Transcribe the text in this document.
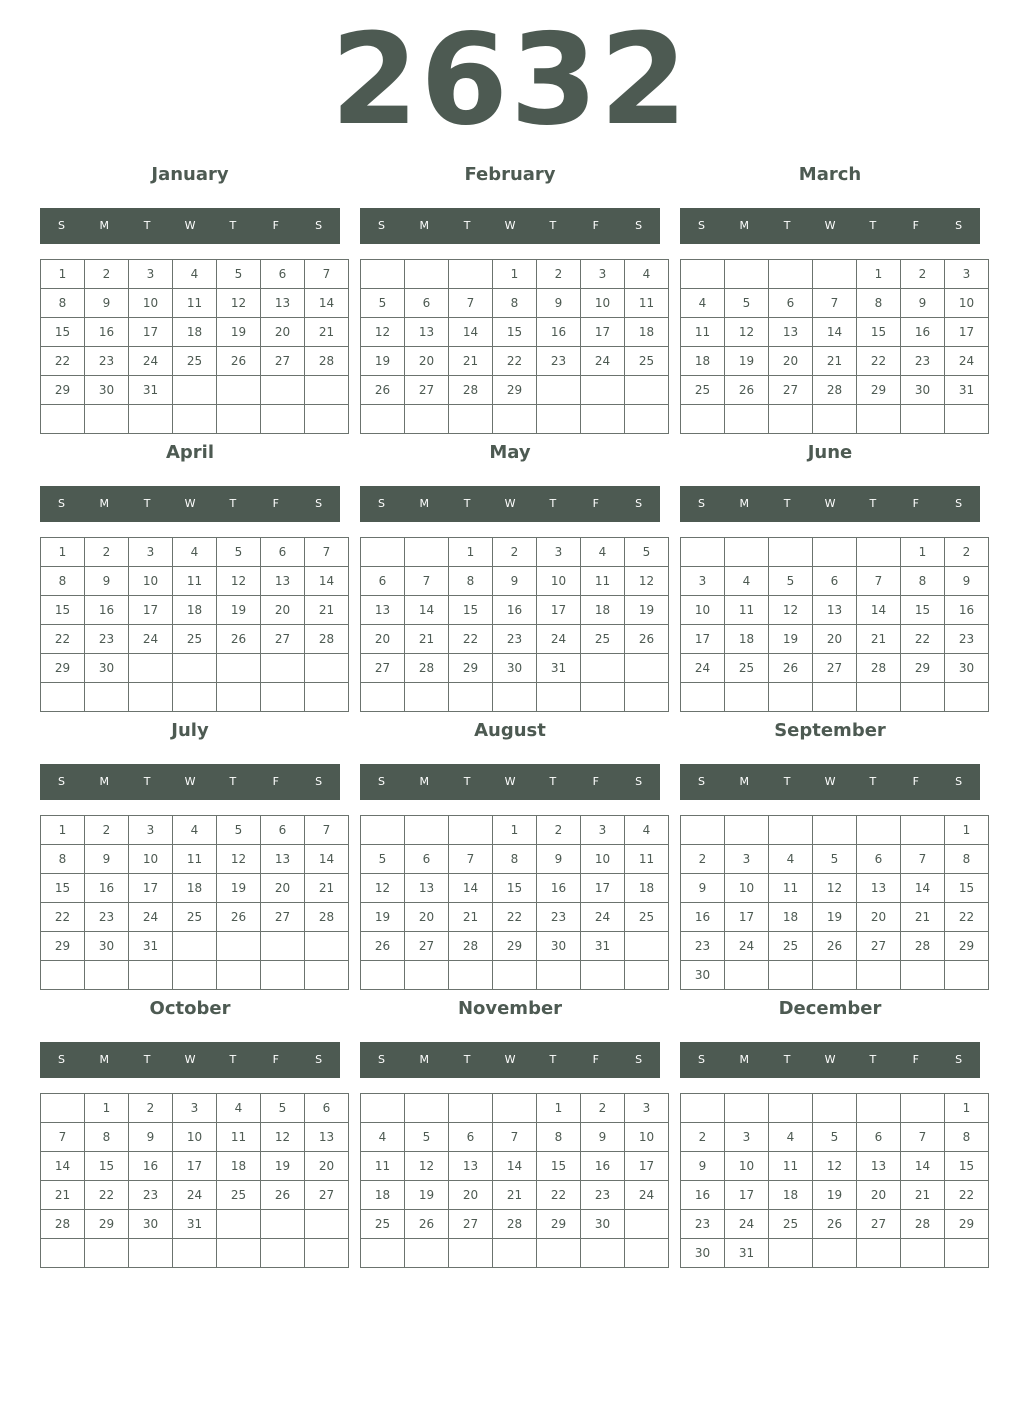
2632
January
S	M	T	W	T	F	S
1	2	3	4	5	6	7
8	9	10	11	12	13	14
15	16	17	18	19	20	21
22	23	24	25	26	27	28
29	30	31				

February
S	M	T	W	T	F	S
			1	2	3	4
5	6	7	8	9	10	11
12	13	14	15	16	17	18
19	20	21	22	23	24	25
26	27	28	29			

March
S	M	T	W	T	F	S
				1	2	3
4	5	6	7	8	9	10
11	12	13	14	15	16	17
18	19	20	21	22	23	24
25	26	27	28	29	30	31

April
S	M	T	W	T	F	S
1	2	3	4	5	6	7
8	9	10	11	12	13	14
15	16	17	18	19	20	21
22	23	24	25	26	27	28
29	30					

May
S	M	T	W	T	F	S
		1	2	3	4	5
6	7	8	9	10	11	12
13	14	15	16	17	18	19
20	21	22	23	24	25	26
27	28	29	30	31		

June
S	M	T	W	T	F	S
					1	2
3	4	5	6	7	8	9
10	11	12	13	14	15	16
17	18	19	20	21	22	23
24	25	26	27	28	29	30

July
S	M	T	W	T	F	S
1	2	3	4	5	6	7
8	9	10	11	12	13	14
15	16	17	18	19	20	21
22	23	24	25	26	27	28
29	30	31				

August
S	M	T	W	T	F	S
			1	2	3	4
5	6	7	8	9	10	11
12	13	14	15	16	17	18
19	20	21	22	23	24	25
26	27	28	29	30	31	

September
S	M	T	W	T	F	S
						1
2	3	4	5	6	7	8
9	10	11	12	13	14	15
16	17	18	19	20	21	22
23	24	25	26	27	28	29
30						
October
S	M	T	W	T	F	S
	1	2	3	4	5	6
7	8	9	10	11	12	13
14	15	16	17	18	19	20
21	22	23	24	25	26	27
28	29	30	31			

November
S	M	T	W	T	F	S
				1	2	3
4	5	6	7	8	9	10
11	12	13	14	15	16	17
18	19	20	21	22	23	24
25	26	27	28	29	30	

December
S	M	T	W	T	F	S
						1
2	3	4	5	6	7	8
9	10	11	12	13	14	15
16	17	18	19	20	21	22
23	24	25	26	27	28	29
30	31					
